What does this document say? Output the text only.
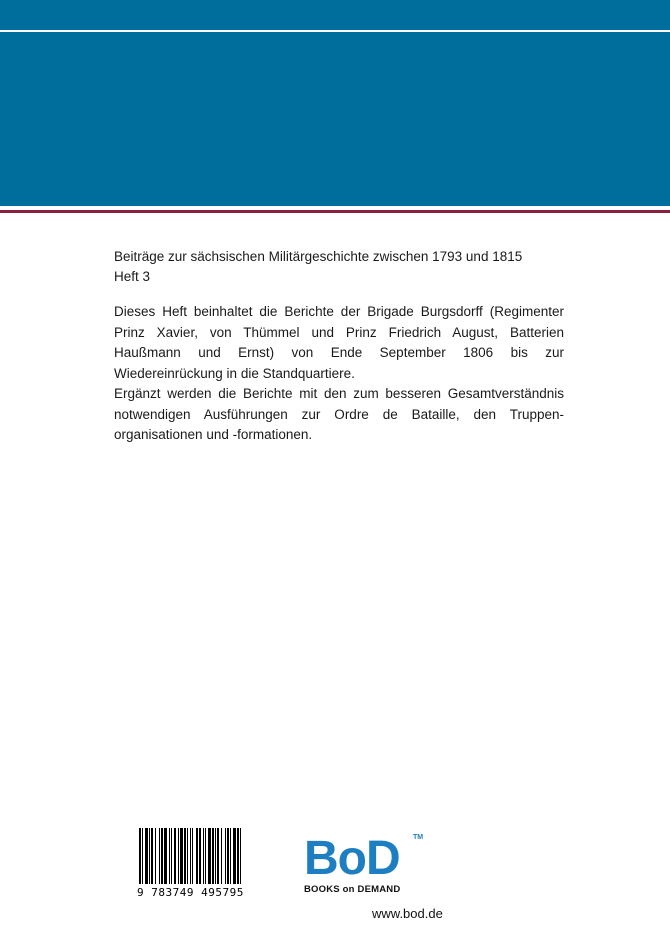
Beiträge zur sächsischen Militärgeschichte zwischen 1793 und 1815
Heft 3

Dieses Heft beinhaltet die Berichte der Brigade Burgsdorff (Regimenter Prinz Xavier, von Thümmel und Prinz Friedrich August, Batterien Haußmann und Ernst) von Ende September 1806 bis zur Wiedereinrückung in die Standquartiere.

Ergänzt werden die Berichte mit den zum besseren Gesamtverständnis notwendigen Ausführungen zur Ordre de Bataille, den Truppen-organisationen und -formationen.

9 783749 495795
BoD TM
BOOKS on DEMAND
www.bod.de
